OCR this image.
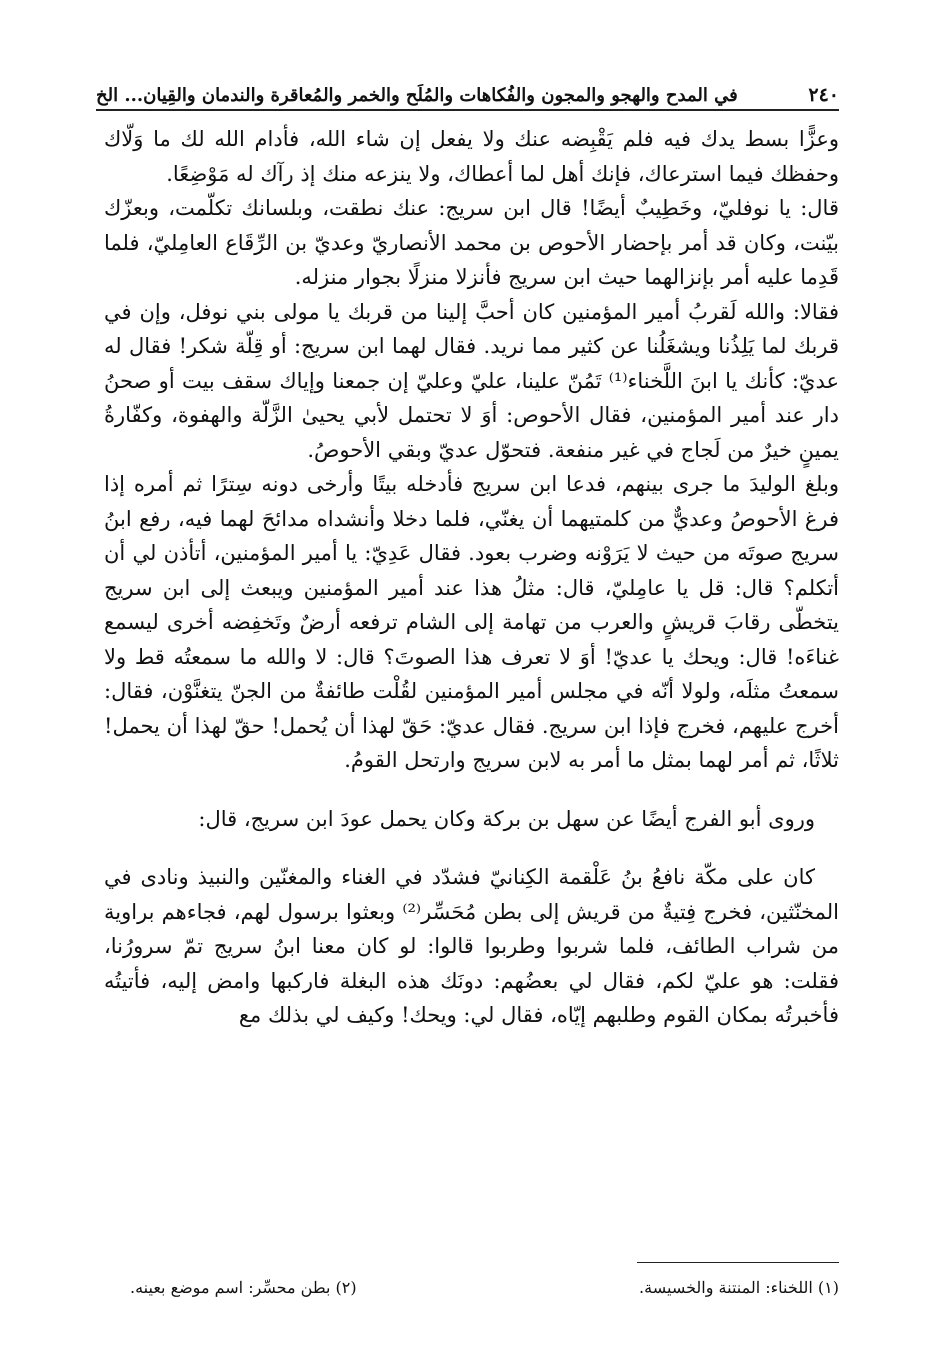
٢٤٠
في المدح والهجو والمجون والفُكاهات والمُلَح والخمر والمُعاقرة والندمان والقِيان... الخ

وعزًّا بسط يدك فيه فلم يَقْبِضه عنك ولا يفعل إن شاء الله، فأدام الله لك ما وَلّاك وحفظك فيما استرعاك، فإنك أهل لما أعطاك، ولا ينزعه منك إذ رآك له مَوْضِعًا.

قال: يا نوفليّ، وخَطِيبٌ أيضًا! قال ابن سريج: عنك نطقت، وبلسانك تكلّمت، وبعزّك بيّنت، وكان قد أمر بإحضار الأحوص بن محمد الأنصاريّ وعديّ بن الرِّقَاع العامِليّ، فلما قَدِما عليه أمر بإنزالهما حيث ابن سريج فأنزلا منزلًا بجوار منزله.

فقالا: والله لَقربُ أمير المؤمنين كان أحبَّ إلينا من قربك يا مولى بني نوفل، وإن في قربك لما يَلِذُنا ويشغَلُنا عن كثير مما نريد. فقال لهما ابن سريج: أو قِلّة شكر! فقال له عديّ: كأنك يا ابنَ اللَّخناء⁽¹⁾ تَمُنّ علينا، عليّ وعليّ إن جمعنا وإياك سقف بيت أو صحنُ دار عند أمير المؤمنين، فقال الأحوص: أوَ لا تحتمل لأبي يحيىٰ الزَّلّة والهفوة، وكفّارةُ يمينٍ خيرٌ من لَجاج في غير منفعة. فتحوّل عديّ وبقي الأحوصُ.

وبلغ الوليدَ ما جرى بينهم، فدعا ابن سريج فأدخله بيتًا وأرخى دونه سِترًا ثم أمره إذا فرغ الأحوصُ وعديٌّ من كلمتيهما أن يغنّي، فلما دخلا وأنشداه مدائحَ لهما فيه، رفع ابنُ سريج صوتَه من حيث لا يَرَوْنه وضرب بعود. فقال عَدِيّ: يا أمير المؤمنين، أتأذن لي أن أتكلم؟ قال: قل يا عامِليّ، قال: مثلُ هذا عند أمير المؤمنين ويبعث إلى ابن سريج يتخطّى رقابَ قريشٍ والعرب من تهامة إلى الشام ترفعه أرضٌ وتَخفِضه أخرى ليسمع غناءَه! قال: ويحك يا عديّ! أوَ لا تعرف هذا الصوتَ؟ قال: لا والله ما سمعتُه قط ولا سمعتُ مثلَه، ولولا أنّه في مجلس أمير المؤمنين لقُلْت طائفةٌ من الجنّ يتغنَّوْن، فقال: أخرج عليهم، فخرج فإذا ابن سريج. فقال عديّ: حَقّ لهذا أن يُحمل! حقّ لهذا أن يحمل! ثلاثًا، ثم أمر لهما بمثل ما أمر به لابن سريج وارتحل القومُ.

وروى أبو الفرج أيضًا عن سهل بن بركة وكان يحمل عودَ ابن سريج، قال:

كان على مكّة نافعُ بنُ عَلْقمة الكِنانيّ فشدّد في الغناء والمغنّين والنبيذ ونادى في المخنّثين، فخرج فِتيةٌ من قريش إلى بطن مُحَسِّر⁽²⁾ وبعثوا برسول لهم، فجاءهم براوية من شراب الطائف، فلما شربوا وطربوا قالوا: لو كان معنا ابنُ سريج تمّ سرورُنا، فقلت: هو عليّ لكم، فقال لي بعضُهم: دونَك هذه البغلة فاركبها وامض إليه، فأتيتُه فأخبرتُه بمكان القوم وطلبهم إيّاه، فقال لي: ويحك! وكيف لي بذلك مع

(١) اللخناء: المنتنة والخسيسة.
(٢) بطن محسِّر: اسم موضع بعينه.
